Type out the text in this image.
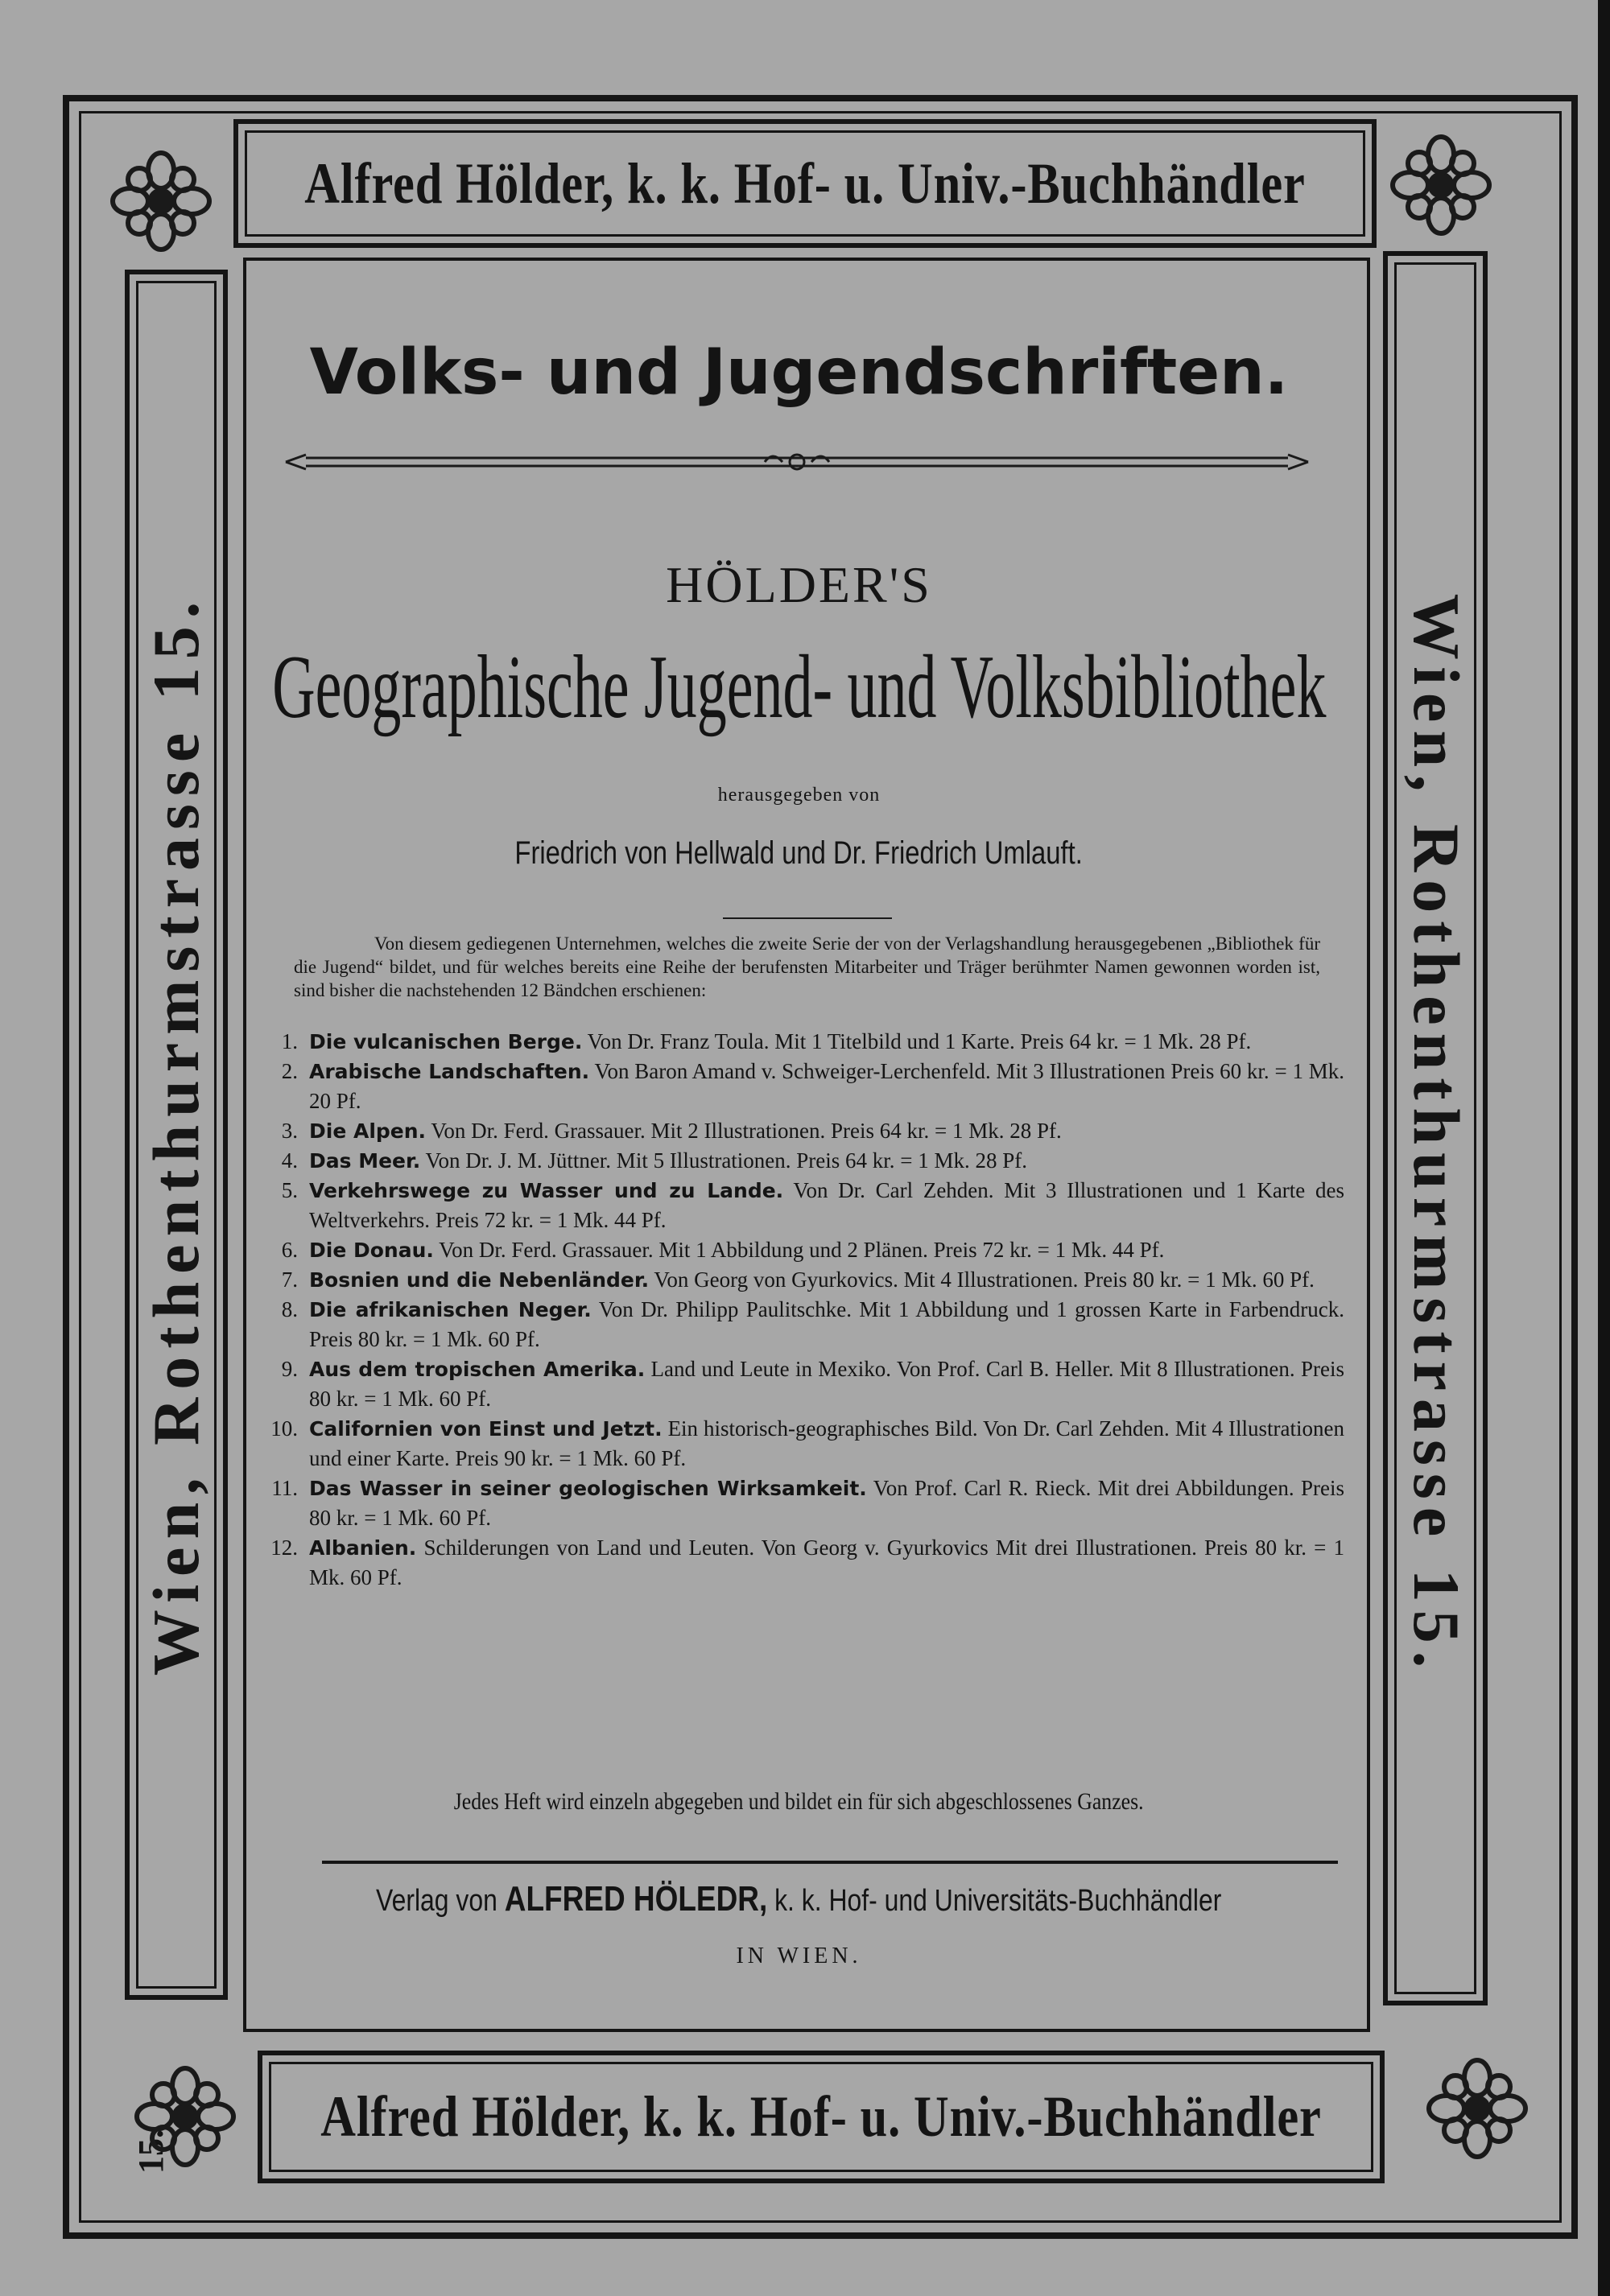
Alfred Hölder, k. k. Hof- u. Univ.-Buchhändler
Alfred Hölder, k. k. Hof- u. Univ.-Buchhändler
Wien, Rothenthurmstrasse 15.	Wien, Rothenthurmstrasse 15.
15.
Volks- und Jugendschriften.
HÖLDER'S
Geographische Jugend- und Volksbibliothek
herausgegeben von
Friedrich von Hellwald und Dr. Friedrich Umlauft.
Von diesem gediegenen Unternehmen, welches die zweite Serie der von der Verlagshandlung herausgegebenen „Bibliothek für die Jugend“ bildet, und für welches bereits eine Reihe der berufensten Mitarbeiter und Träger berühmter Namen gewonnen worden ist, sind bisher die nachstehenden 12 Bändchen erschienen:
1. Die vulcanischen Berge. Von Dr. Franz Toula. Mit 1 Titelbild und 1 Karte. Preis 64 kr. = 1 Mk. 28 Pf.
2. Arabische Landschaften. Von Baron Amand v. Schweiger-Lerchenfeld. Mit 3 Illustrationen Preis 60 kr. = 1 Mk. 20 Pf.
3. Die Alpen. Von Dr. Ferd. Grassauer. Mit 2 Illustrationen. Preis 64 kr. = 1 Mk. 28 Pf.
4. Das Meer. Von Dr. J. M. Jüttner. Mit 5 Illustrationen. Preis 64 kr. = 1 Mk. 28 Pf.
5. Verkehrswege zu Wasser und zu Lande. Von Dr. Carl Zehden. Mit 3 Illustrationen und 1 Karte des Weltverkehrs. Preis 72 kr. = 1 Mk. 44 Pf.
6. Die Donau. Von Dr. Ferd. Grassauer. Mit 1 Abbildung und 2 Plänen. Preis 72 kr. = 1 Mk. 44 Pf.
7. Bosnien und die Nebenländer. Von Georg von Gyurkovics. Mit 4 Illustrationen. Preis 80 kr. = 1 Mk. 60 Pf.
8. Die afrikanischen Neger. Von Dr. Philipp Paulitschke. Mit 1 Abbildung und 1 grossen Karte in Farbendruck. Preis 80 kr. = 1 Mk. 60 Pf.
9. Aus dem tropischen Amerika. Land und Leute in Mexiko. Von Prof. Carl B. Heller. Mit 8 Illustrationen. Preis 80 kr. = 1 Mk. 60 Pf.
10. Californien von Einst und Jetzt. Ein historisch-geographisches Bild. Von Dr. Carl Zehden. Mit 4 Illustrationen und einer Karte. Preis 90 kr. = 1 Mk. 60 Pf.
11. Das Wasser in seiner geologischen Wirksamkeit. Von Prof. Carl R. Rieck. Mit drei Abbildungen. Preis 80 kr. = 1 Mk. 60 Pf.
12. Albanien. Schilderungen von Land und Leuten. Von Georg v. Gyurkovics Mit drei Illustrationen. Preis 80 kr. = 1 Mk. 60 Pf.
Jedes Heft wird einzeln abgegeben und bildet ein für sich abgeschlossenes Ganzes.
Verlag von ALFRED HÖLEDR, k. k. Hof- und Universitäts-Buchhändler
IN WIEN.
